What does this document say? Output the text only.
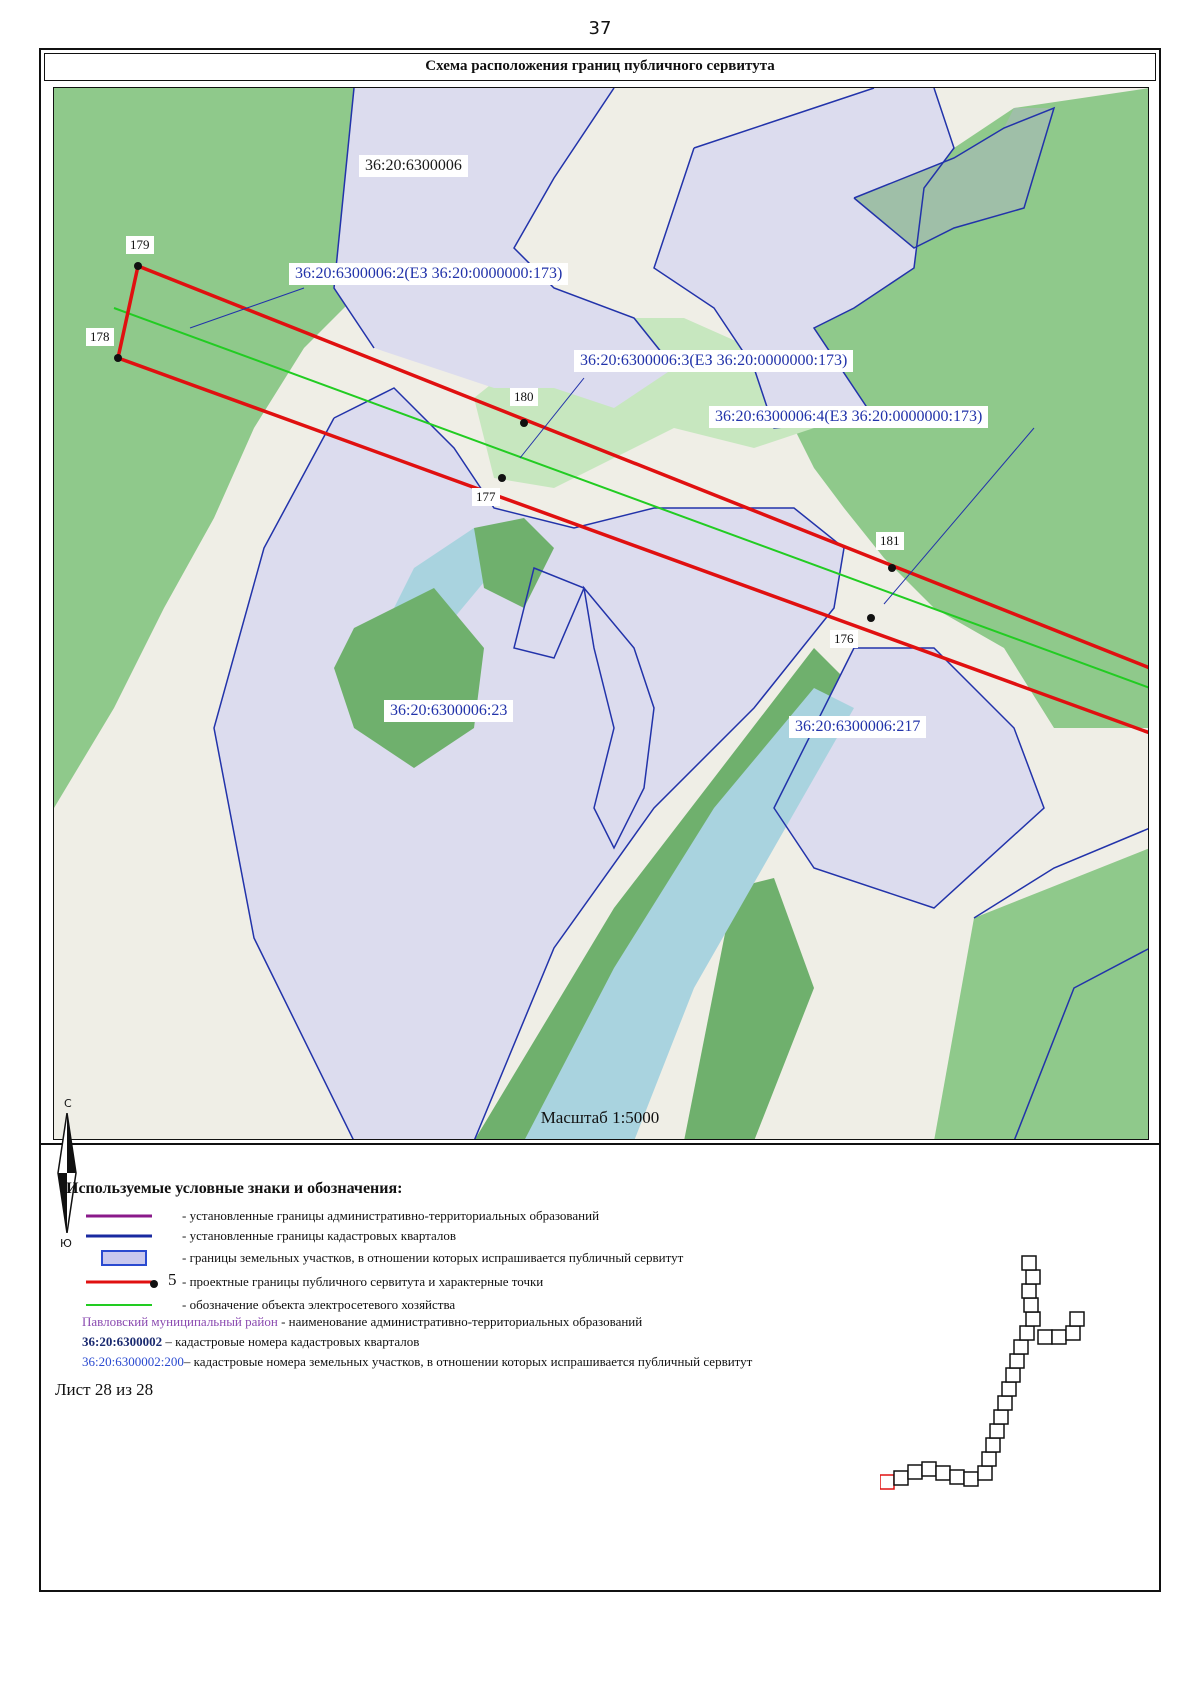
37
Схема расположения границ публичного сервитута
36:20:6300006
36:20:6300006:2(ЕЗ 36:20:0000000:173)
36:20:6300006:3(ЕЗ 36:20:0000000:173)
36:20:6300006:4(ЕЗ 36:20:0000000:173)
36:20:6300006:23
36:20:6300006:217
176
177
178
179
180
181
Масштаб 1:5000
С
Ю
Используемые условные знаки и обозначения:
- установленные границы административно-территориальных образований
- установленные границы кадастровых кварталов
- границы земельных участков, в отношении которых испрашивается публичный сервитут
5 - проектные границы публичного сервитута и характерные точки
- обозначение объекта электросетевого хозяйства
Павловский муниципальный район - наименование административно-территориальных образований
36:20:6300002 – кадастровые номера кадастровых кварталов
36:20:6300002:200– кадастровые номера земельных участков, в отношении которых испрашивается публичный сервитут
Лист 28 из 28
